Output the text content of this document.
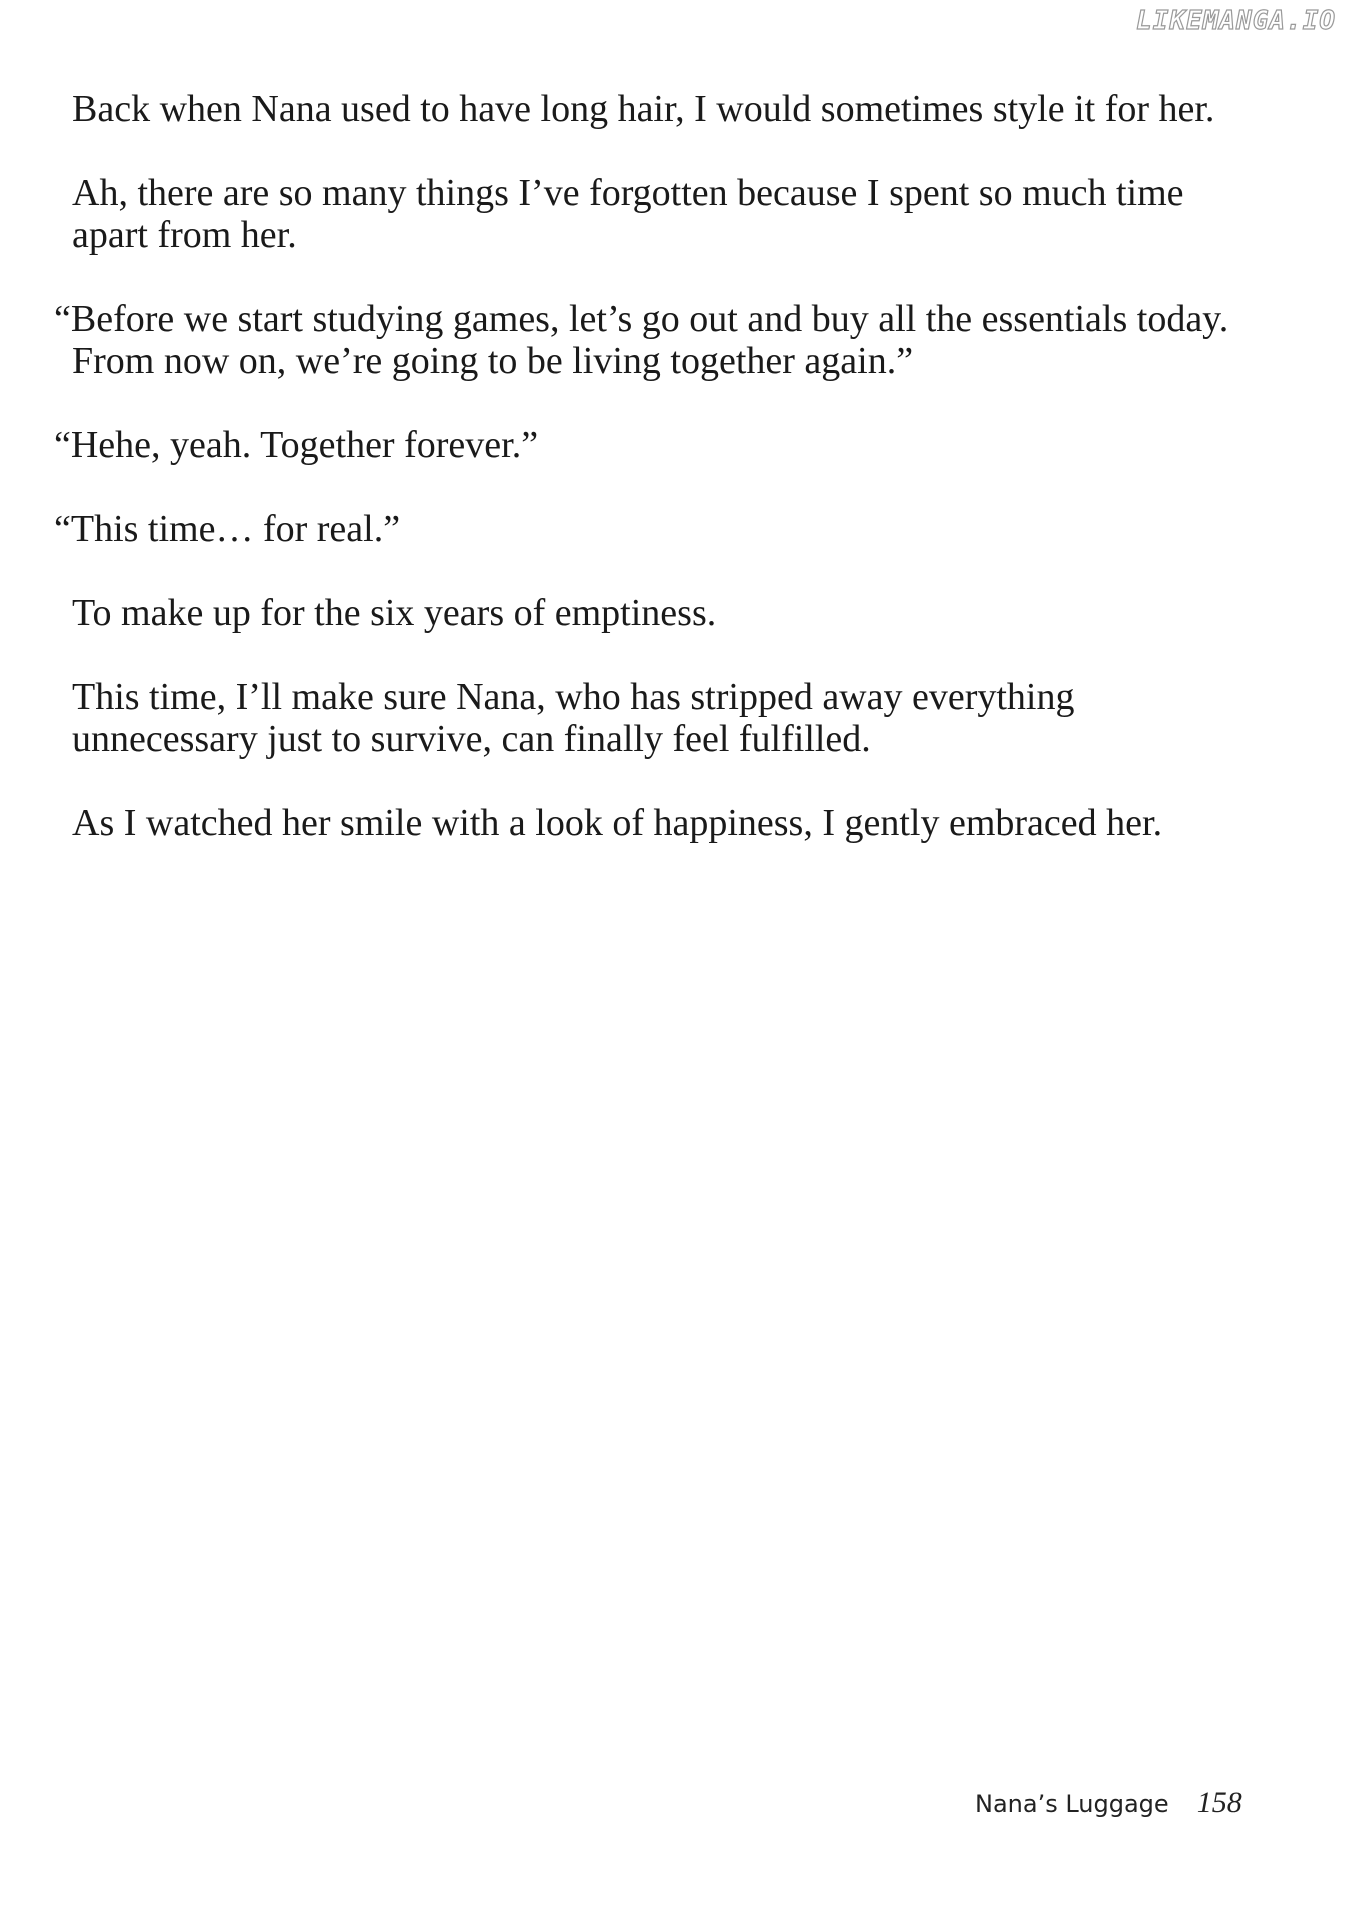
LIKEMANGA.IO

Back when Nana used to have long hair, I would sometimes style it for her.

Ah, there are so many things I’ve forgotten because I spent so much time
apart from her.

“Before we start studying games, let’s go out and buy all the essentials today.
From now on, we’re going to be living together again.”

“Hehe, yeah. Together forever.”

“This time… for real.”

To make up for the six years of emptiness.

This time, I’ll make sure Nana, who has stripped away everything
unnecessary just to survive, can finally feel fulfilled.

As I watched her smile with a look of happiness, I gently embraced her.

Nana’s Luggage 158
